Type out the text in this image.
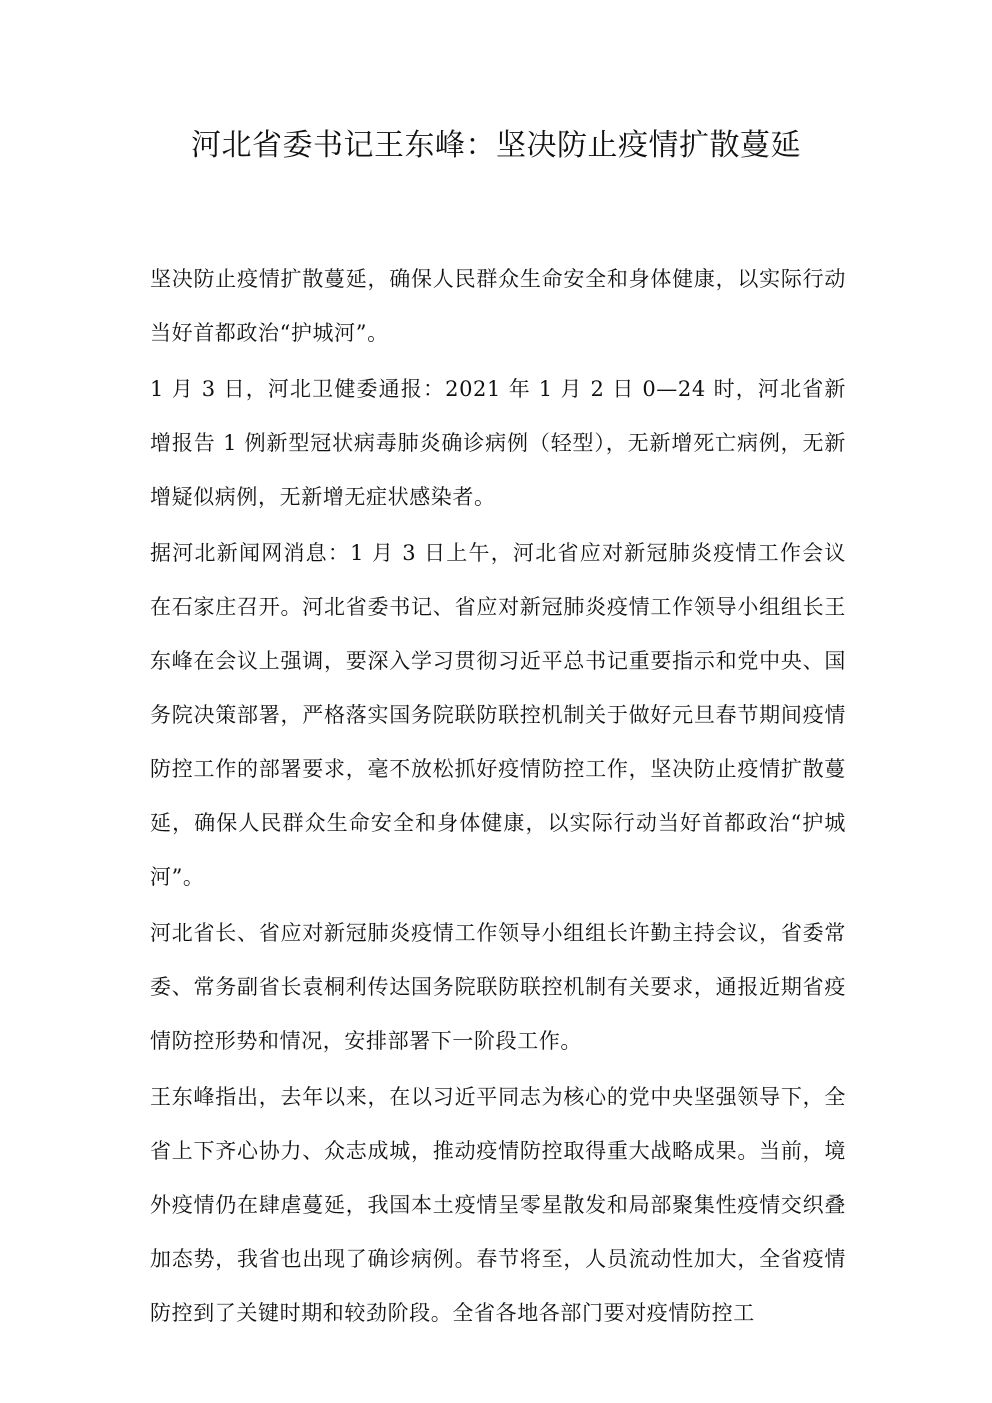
河北省委书记王东峰：坚决防止疫情扩散蔓延

坚决防止疫情扩散蔓延，确保人民群众生命安全和身体健康，以实际行动当好首都政治“护城河”。

1 月 3 日，河北卫健委通报：2021 年 1 月 2 日 0—24 时，河北省新增报告 1 例新型冠状病毒肺炎确诊病例（轻型），无新增死亡病例，无新增疑似病例，无新增无症状感染者。

据河北新闻网消息：1 月 3 日上午，河北省应对新冠肺炎疫情工作会议在石家庄召开。河北省委书记、省应对新冠肺炎疫情工作领导小组组长王东峰在会议上强调，要深入学习贯彻习近平总书记重要指示和党中央、国务院决策部署，严格落实国务院联防联控机制关于做好元旦春节期间疫情防控工作的部署要求，毫不放松抓好疫情防控工作，坚决防止疫情扩散蔓延，确保人民群众生命安全和身体健康，以实际行动当好首都政治“护城河”。

河北省长、省应对新冠肺炎疫情工作领导小组组长许勤主持会议，省委常委、常务副省长袁桐利传达国务院联防联控机制有关要求，通报近期省疫情防控形势和情况，安排部署下一阶段工作。

王东峰指出，去年以来，在以习近平同志为核心的党中央坚强领导下，全省上下齐心协力、众志成城，推动疫情防控取得重大战略成果。当前，境外疫情仍在肆虐蔓延，我国本土疫情呈零星散发和局部聚集性疫情交织叠加态势，我省也出现了确诊病例。春节将至，人员流动性加大，全省疫情防控到了关键时期和较劲阶段。全省各地各部门要对疫情防控工
